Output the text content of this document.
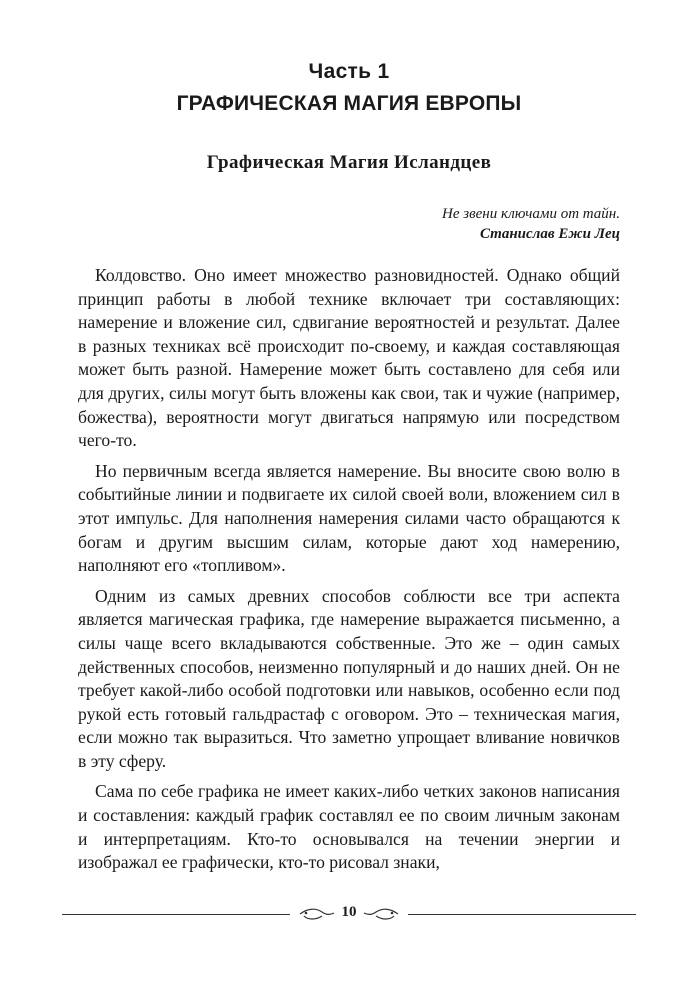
Часть 1
ГРАФИЧЕСКАЯ МАГИЯ ЕВРОПЫ
Графическая Магия Исландцев
Не звени ключами от тайн.
Станислав Ежи Лец

Колдовство. Оно имеет множество разновидностей. Однако общий принцип работы в любой технике включает три составляющих: намерение и вложение сил, сдвигание вероятностей и результат. Далее в разных техниках всё происходит по-своему, и каждая составляющая может быть разной. Намерение может быть составлено для себя или для других, силы могут быть вложены как свои, так и чужие (например, божества), вероятности могут двигаться напрямую или посредством чего-то.

Но первичным всегда является намерение. Вы вносите свою волю в событийные линии и подвигаете их силой своей воли, вложением сил в этот импульс. Для наполнения намерения силами часто обращаются к богам и другим высшим силам, которые дают ход намерению, наполняют его «топливом».

Одним из самых древних способов соблюсти все три аспекта является магическая графика, где намерение выражается письменно, а силы чаще всего вкладываются собственные. Это же – один самых действенных способов, неизменно популярный и до наших дней. Он не требует какой-либо особой подготовки или навыков, особенно если под рукой есть готовый гальдрастаф с оговором. Это – техническая магия, если можно так выразиться. Что заметно упрощает вливание новичков в эту сферу.

Сама по себе графика не имеет каких-либо четких законов написания и составления: каждый график составлял ее по своим личным законам и интерпретациям. Кто-то основывался на течении энергии и изображал ее графически, кто-то рисовал знаки,

10
